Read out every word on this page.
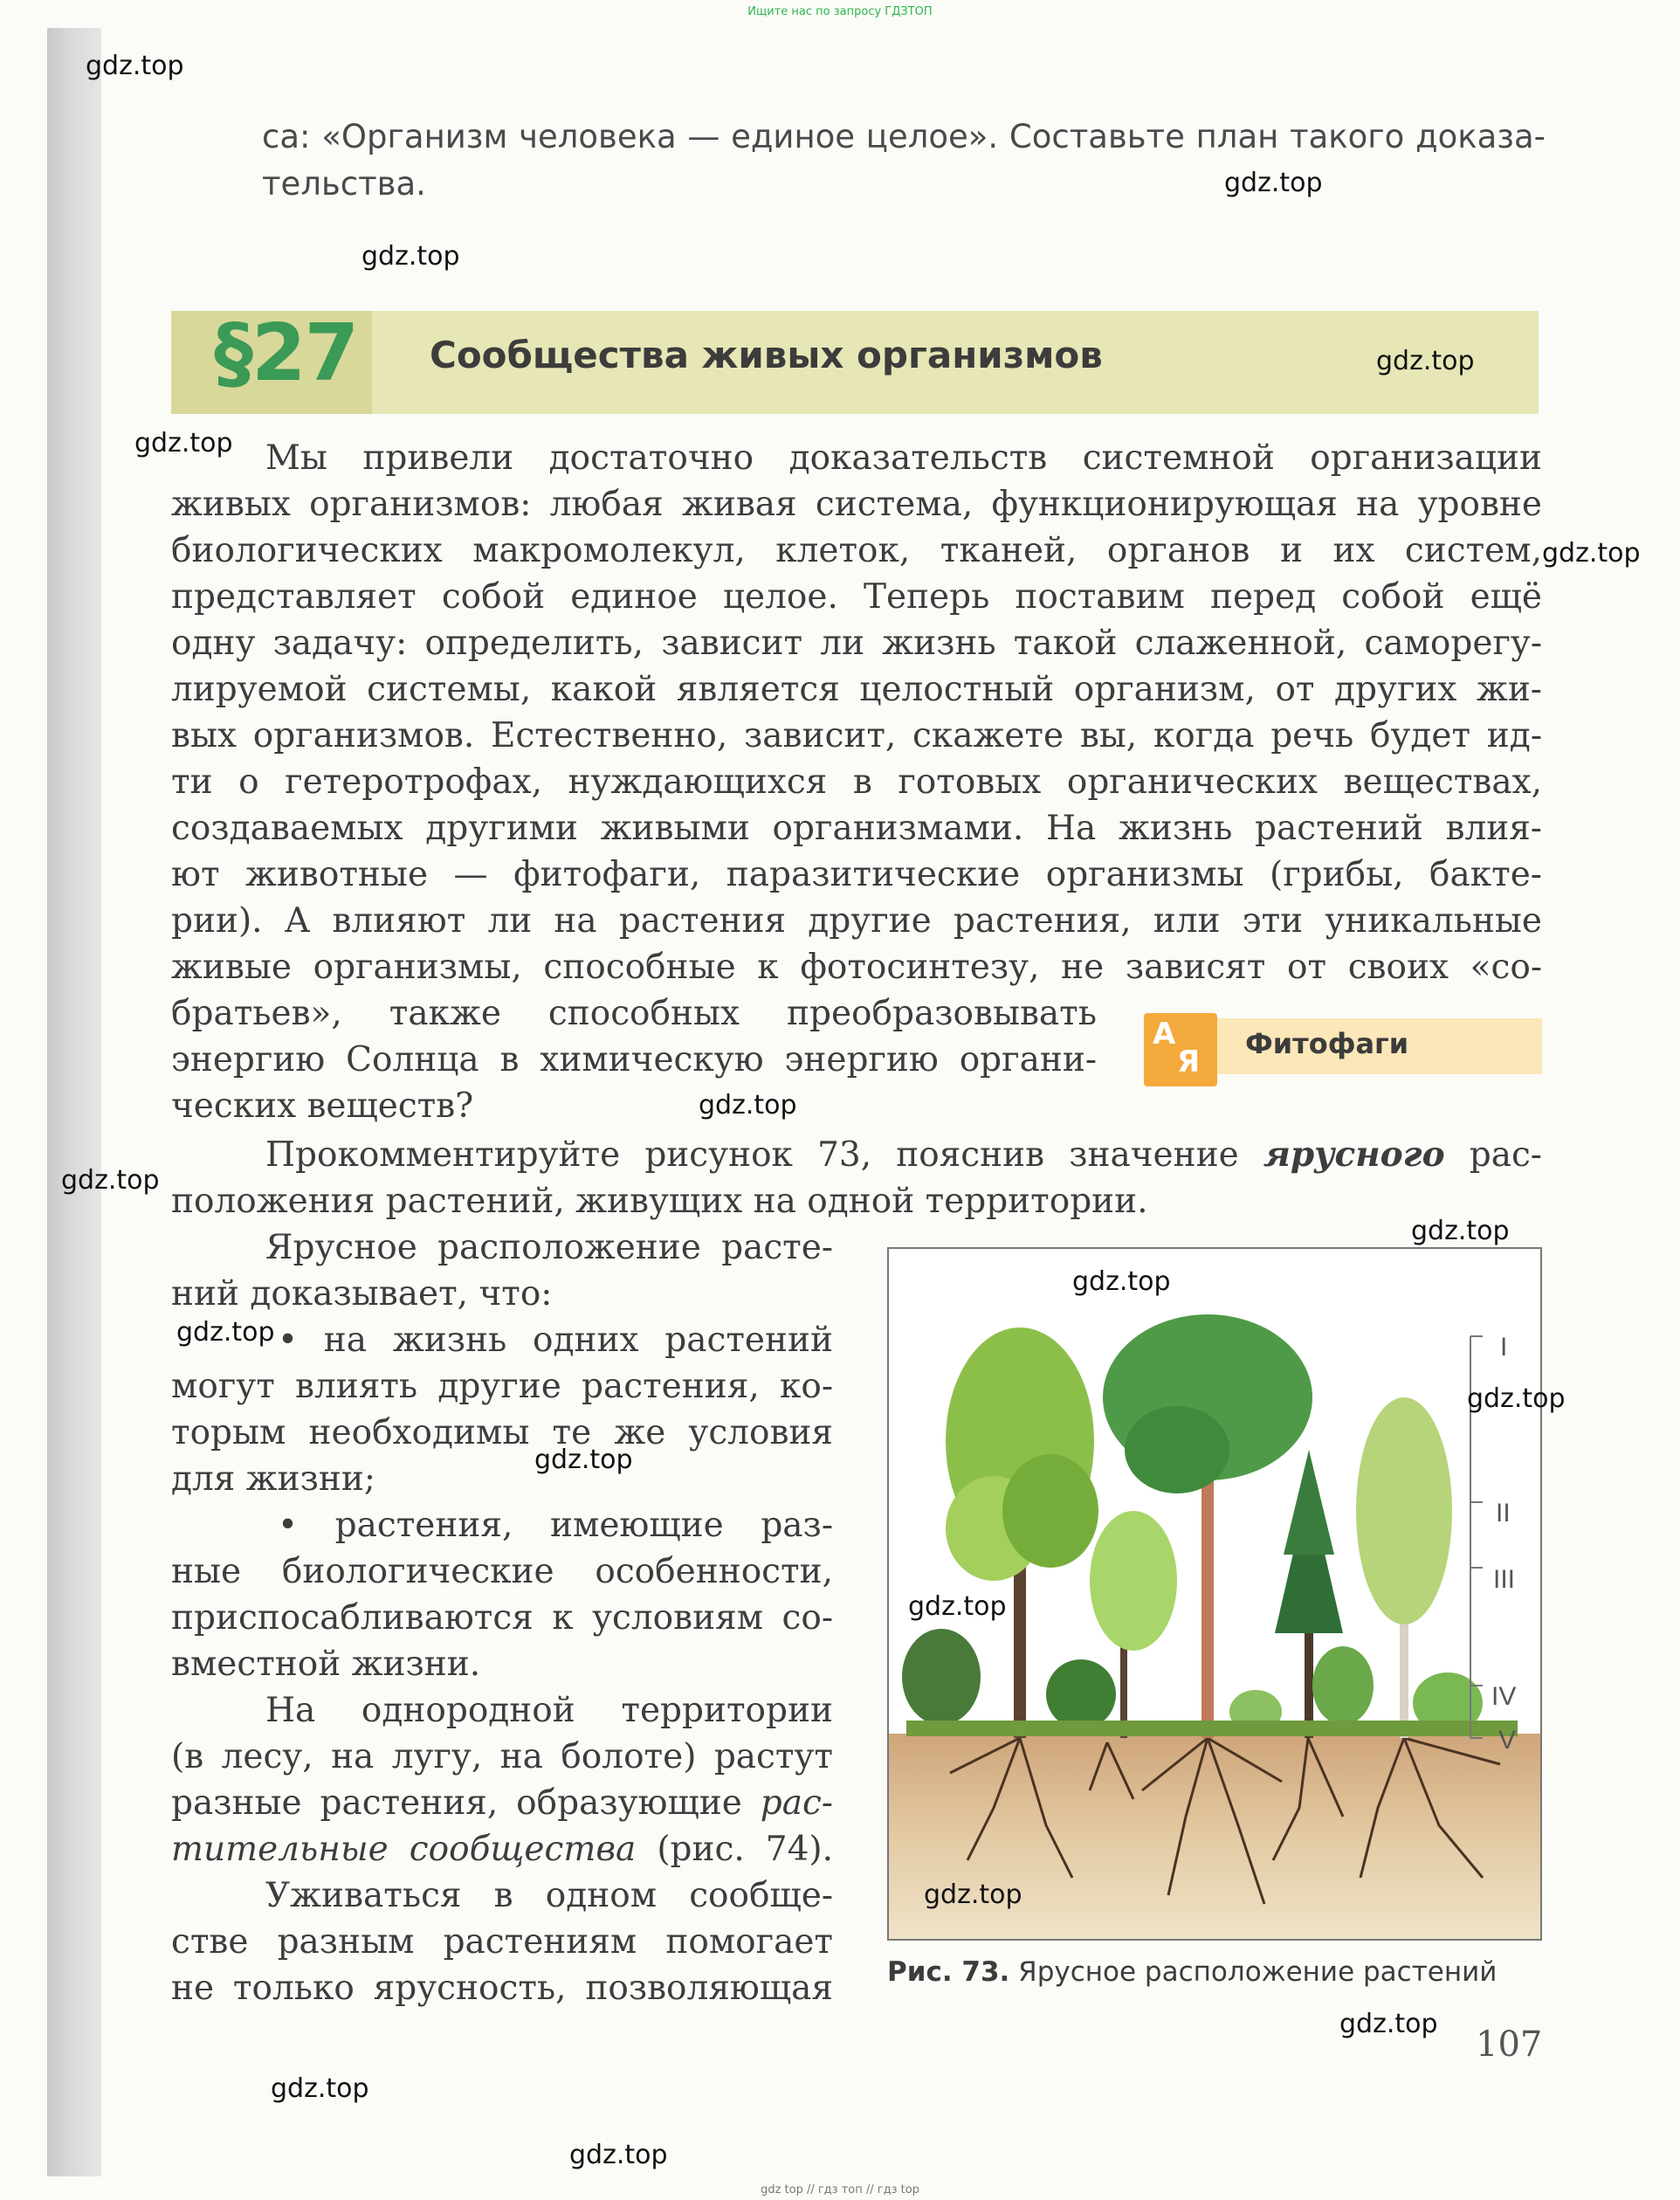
Ищите нас по запросу ГДЗТОП
са: «Организм человека — единое целое». Составьте план такого доказа-
тельства.
§27 Сообщества живых организмов
Мы привели достаточно доказательств системной организации
живых организмов: любая живая система, функционирующая на уровне
биологических макромолекул, клеток, тканей, органов и их систем,
представляет собой единое целое. Теперь поставим перед собой ещё
одну задачу: определить, зависит ли жизнь такой слаженной, саморегу-
лируемой системы, какой является целостный организм, от других жи-
вых организмов. Естественно, зависит, скажете вы, когда речь будет ид-
ти о гетеротрофах, нуждающихся в готовых органических веществах,
создаваемых другими живыми организмами. На жизнь растений влия-
ют животные — фитофаги, паразитические организмы (грибы, бакте-
рии). А влияют ли на растения другие растения, или эти уникальные
живые организмы, способные к фотосинтезу, не зависят от своих «со-
братьев», также способных преобразовывать
энергию Солнца в химическую энергию органи-
ческих веществ?
А
Я
Фитофаги
Прокомментируйте рисунок 73, пояснив значение ярусного рас-
положения растений, живущих на одной территории.
Ярусное расположение расте-
ний доказывает, что:
• на жизнь одних растений
могут влиять другие растения, ко-
торым необходимы те же условия
для жизни;
• растения, имеющие раз-
ные биологические особенности,
приспосабливаются к условиям со-
вместной жизни.
На однородной территории
(в лесу, на лугу, на болоте) растут
разные растения, образующие рас-
тительные сообщества (рис. 74).
Уживаться в одном сообще-
стве разным растениям помогает
не только ярусность, позволяющая
I
II
III
IV
V
Рис. 73. Ярусное расположение растений
107
gdz.top
gdz.top
gdz.top
gdz.top
gdz.top
gdz.top
gdz.top
gdz.top
gdz.top
gdz.top
gdz.top
gdz.top
gdz.top
gdz.top
gdz.top
gdz.top
gdz.top
gdz.top
gdz top // гдз топ // гдз top
